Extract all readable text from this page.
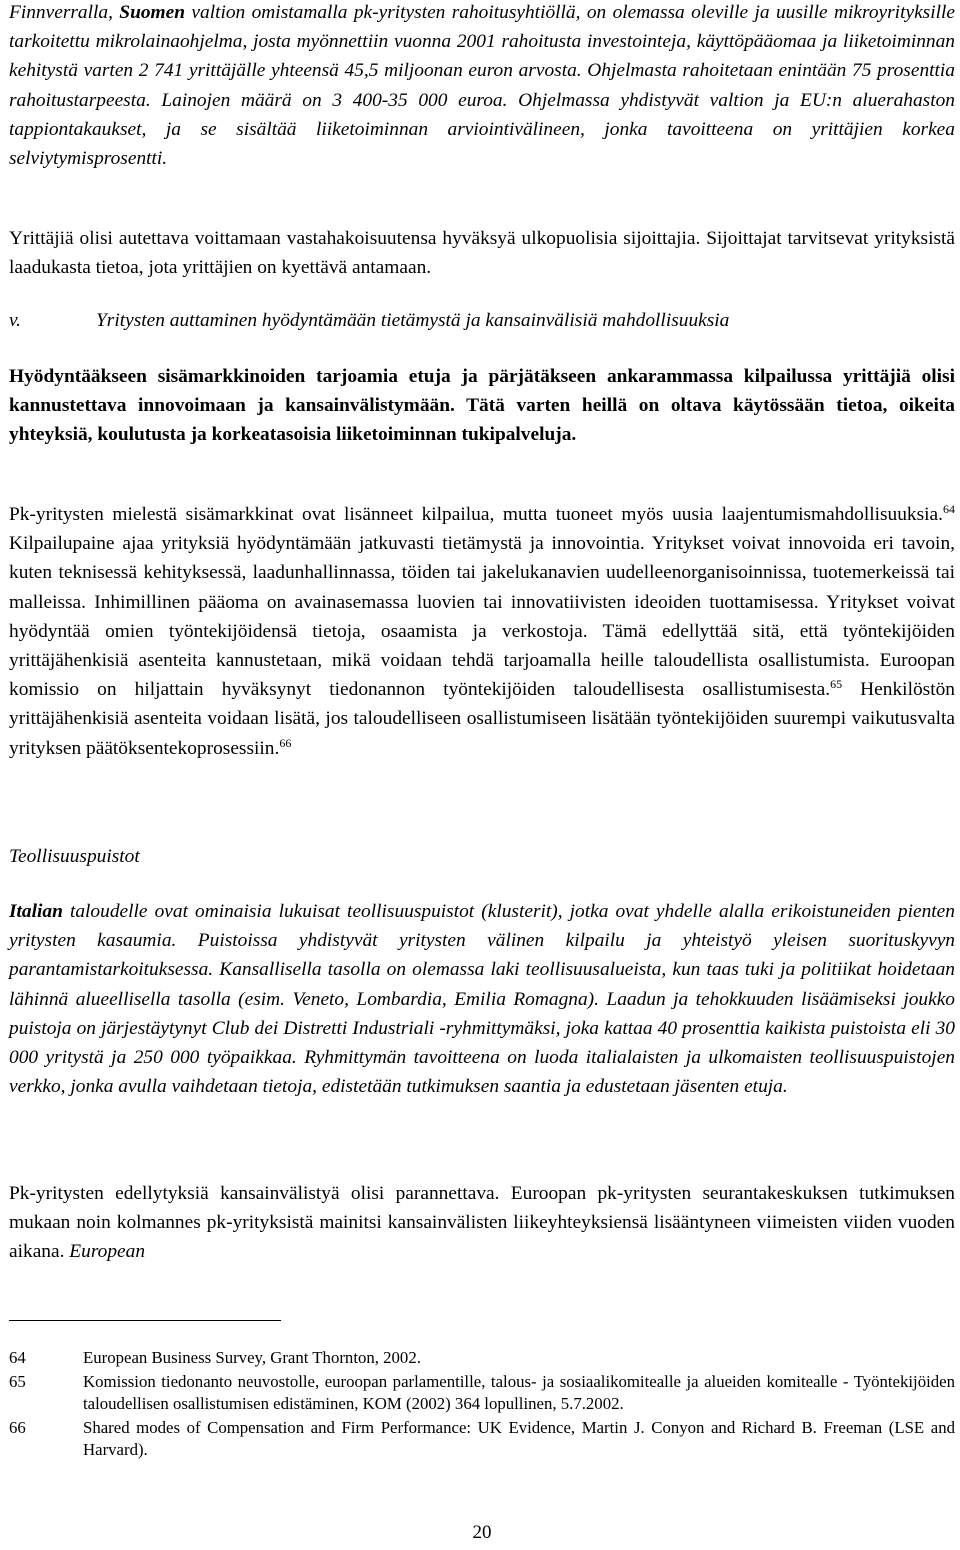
Finnverralla, Suomen valtion omistamalla pk-yritysten rahoitusyhtiöllä, on olemassa oleville ja uusille mikroyrityksille tarkoitettu mikrolainaohjelma, josta myönnettiin vuonna 2001 rahoitusta investointeja, käyttöpääomaa ja liiketoiminnan kehitystä varten 2 741 yrittäjälle yhteensä 45,5 miljoonan euron arvosta. Ohjelmasta rahoitetaan enintään 75 prosenttia rahoitustarpeesta. Lainojen määrä on 3 400-35 000 euroa. Ohjelmassa yhdistyvät valtion ja EU:n aluerahaston tappiontakaukset, ja se sisältää liiketoiminnan arviointivälineen, jonka tavoitteena on yrittäjien korkea selviytymisprosentti.

Yrittäjiä olisi autettava voittamaan vastahakoisuutensa hyväksyä ulkopuolisia sijoittajia. Sijoittajat tarvitsevat yrityksistä laadukasta tietoa, jota yrittäjien on kyettävä antamaan.

v.	Yritysten auttaminen hyödyntämään tietämystä ja kansainvälisiä mahdollisuuksia

Hyödyntääkseen sisämarkkinoiden tarjoamia etuja ja pärjätäkseen ankarammassa kilpailussa yrittäjiä olisi kannustettava innovoimaan ja kansainvälistymään. Tätä varten heillä on oltava käytössään tietoa, oikeita yhteyksiä, koulutusta ja korkeatasoisia liiketoiminnan tukipalveluja.

Pk-yritysten mielestä sisämarkkinat ovat lisänneet kilpailua, mutta tuoneet myös uusia laajentumismahdollisuuksia.$^{64}$ Kilpailupaine ajaa yrityksiä hyödyntämään jatkuvasti tietämystä ja innovointia. Yritykset voivat innovoida eri tavoin, kuten teknisessä kehityksessä, laadunhallinnassa, töiden tai jakelukanavien uudelleenorganisoinnissa, tuotemerkeissä tai malleissa. Inhimillinen pääoma on avainasemassa luovien tai innovatiivisten ideoiden tuottamisessa. Yritykset voivat hyödyntää omien työntekijöidensä tietoja, osaamista ja verkostoja. Tämä edellyttää sitä, että työntekijöiden yrittäjähenkisiä asenteita kannustetaan, mikä voidaan tehdä tarjoamalla heille taloudellista osallistumista. Euroopan komissio on hiljattain hyväksynyt tiedonannon työntekijöiden taloudellisesta osallistumisesta.$^{65}$ Henkilöstön yrittäjähenkisiä asenteita voidaan lisätä, jos taloudelliseen osallistumiseen lisätään työntekijöiden suurempi vaikutusvalta yrityksen päätöksentekoprosessiin.$^{66}$

Teollisuuspuistot

Italian taloudelle ovat ominaisia lukuisat teollisuuspuistot (klusterit), jotka ovat yhdelle alalla erikoistuneiden pienten yritysten kasaumia. Puistoissa yhdistyvät yritysten välinen kilpailu ja yhteistyö yleisen suorituskyvyn parantamistarkoituksessa. Kansallisella tasolla on olemassa laki teollisuusalueista, kun taas tuki ja politiikat hoidetaan lähinnä alueellisella tasolla (esim. Veneto, Lombardia, Emilia Romagna). Laadun ja tehokkuuden lisäämiseksi joukko puistoja on järjestäytynyt Club dei Distretti Industriali -ryhmittymäksi, joka kattaa 40 prosenttia kaikista puistoista eli 30 000 yritystä ja 250 000 työpaikkaa. Ryhmittymän tavoitteena on luoda italialaisten ja ulkomaisten teollisuuspuistojen verkko, jonka avulla vaihdetaan tietoja, edistetään tutkimuksen saantia ja edustetaan jäsenten etuja.

Pk-yritysten edellytyksiä kansainvälistyä olisi parannettava. Euroopan pk-yritysten seurantakeskuksen tutkimuksen mukaan noin kolmannes pk-yrityksistä mainitsi kansainvälisten liikeyhteyksiensä lisääntyneen viimeisten viiden vuoden aikana. European

64	European Business Survey, Grant Thornton, 2002.
65	Komission tiedonanto neuvostolle, euroopan parlamentille, talous- ja sosiaalikomitealle ja alueiden komitealle - Työntekijöiden taloudellisen osallistumisen edistäminen, KOM (2002) 364 lopullinen, 5.7.2002.
66	Shared modes of Compensation and Firm Performance: UK Evidence, Martin J. Conyon and Richard B. Freeman (LSE and Harvard).
20
